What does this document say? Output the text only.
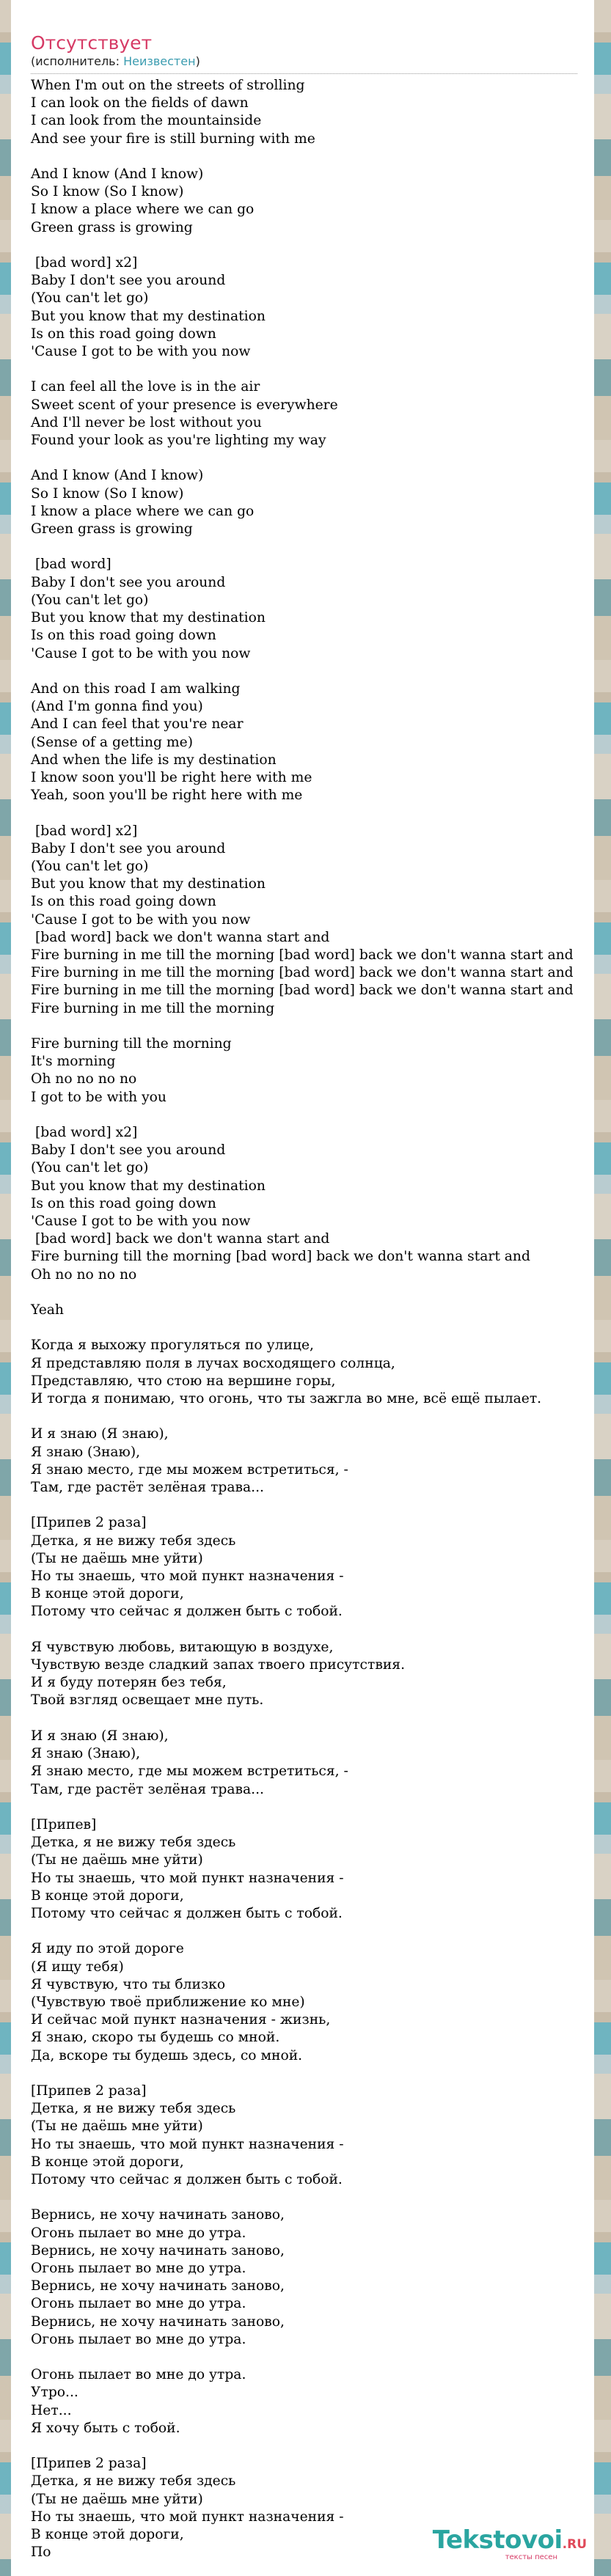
Отсутствует
(исполнитель: Неизвестен)
When I'm out on the streets of strolling
I can look on the fields of dawn
I can look from the mountainside
And see your fire is still burning with me

And I know (And I know)
So I know (So I know)
I know a place where we can go
Green grass is growing

[bad word] x2]
Baby I don't see you around
(You can't let go)
But you know that my destination
Is on this road going down
'Cause I got to be with you now

I can feel all the love is in the air
Sweet scent of your presence is everywhere
And I'll never be lost without you
Found your look as you're lighting my way

And I know (And I know)
So I know (So I know)
I know a place where we can go
Green grass is growing

[bad word]
Baby I don't see you around
(You can't let go)
But you know that my destination
Is on this road going down
'Cause I got to be with you now

And on this road I am walking
(And I'm gonna find you)
And I can feel that you're near
(Sense of a getting me)
And when the life is my destination
I know soon you'll be right here with me
Yeah, soon you'll be right here with me

[bad word] x2]
Baby I don't see you around
(You can't let go)
But you know that my destination
Is on this road going down
'Cause I got to be with you now
[bad word] back we don't wanna start and
Fire burning in me till the morning [bad word] back we don't wanna start and
Fire burning in me till the morning [bad word] back we don't wanna start and
Fire burning in me till the morning [bad word] back we don't wanna start and
Fire burning in me till the morning

Fire burning till the morning
It's morning
Oh no no no no
I got to be with you

[bad word] x2]
Baby I don't see you around
(You can't let go)
But you know that my destination
Is on this road going down
'Cause I got to be with you now
[bad word] back we don't wanna start and
Fire burning till the morning [bad word] back we don't wanna start and
Oh no no no no

Yeah

Когда я выхожу прогуляться по улице,
Я представляю поля в лучах восходящего солнца,
Представляю, что стою на вершине горы,
И тогда я понимаю, что огонь, что ты зажгла во мне, всё ещё пылает.

И я знаю (Я знаю),
Я знаю (Знаю),
Я знаю место, где мы можем встретиться, -
Там, где растёт зелёная трава...

[Припев 2 раза]
Детка, я не вижу тебя здесь
(Ты не даёшь мне уйти)
Но ты знаешь, что мой пункт назначения -
В конце этой дороги,
Потому что сейчас я должен быть с тобой.

Я чувствую любовь, витающую в воздухе,
Чувствую везде сладкий запах твоего присутствия.
И я буду потерян без тебя,
Твой взгляд освещает мне путь.

И я знаю (Я знаю),
Я знаю (Знаю),
Я знаю место, где мы можем встретиться, -
Там, где растёт зелёная трава...

[Припев]
Детка, я не вижу тебя здесь
(Ты не даёшь мне уйти)
Но ты знаешь, что мой пункт назначения -
В конце этой дороги,
Потому что сейчас я должен быть с тобой.

Я иду по этой дороге
(Я ищу тебя)
Я чувствую, что ты близко
(Чувствую твоё приближение ко мне)
И сейчас мой пункт назначения - жизнь,
Я знаю, скоро ты будешь со мной.
Да, вскоре ты будешь здесь, со мной.

[Припев 2 раза]
Детка, я не вижу тебя здесь
(Ты не даёшь мне уйти)
Но ты знаешь, что мой пункт назначения -
В конце этой дороги,
Потому что сейчас я должен быть с тобой.

Вернись, не хочу начинать заново,
Огонь пылает во мне до утра.
Вернись, не хочу начинать заново,
Огонь пылает во мне до утра.
Вернись, не хочу начинать заново,
Огонь пылает во мне до утра.
Вернись, не хочу начинать заново,
Огонь пылает во мне до утра.

Огонь пылает во мне до утра.
Утро...
Нет...
Я хочу быть с тобой.

[Припев 2 раза]
Детка, я не вижу тебя здесь
(Ты не даёшь мне уйти)
Но ты знаешь, что мой пункт назначения -
В конце этой дороги,
По	Tekstovoi.RU
тексты песен
